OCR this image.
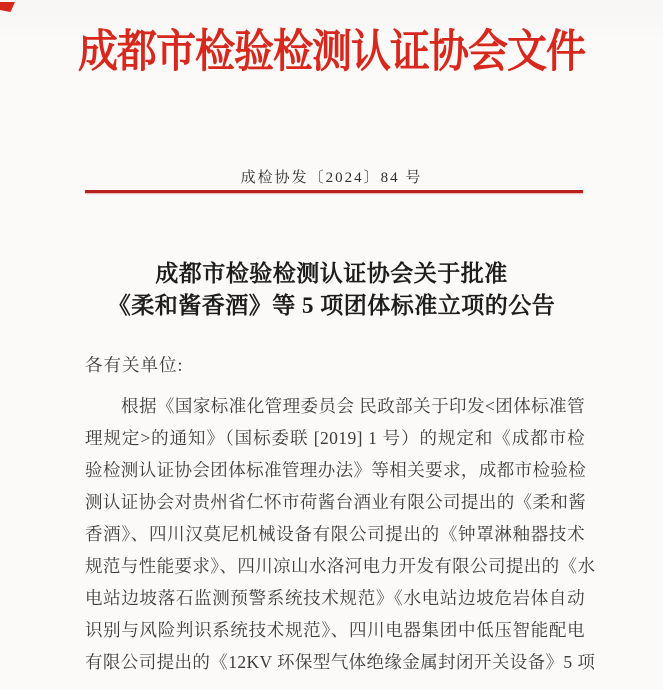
成都市检验检测认证协会文件
成检协发〔2024〕84 号
成都市检验检测认证协会关于批准
《柔和酱香酒》等 5 项团体标准立项的公告
各有关单位:
根据《国家标准化管理委员会 民政部关于印发<团体标准管
理规定>的通知》（国标委联 [2019] 1 号）的规定和《成都市检
验检测认证协会团体标准管理办法》等相关要求，成都市检验检
测认证协会对贵州省仁怀市荷酱台酒业有限公司提出的《柔和酱
香酒》、四川汉莫尼机械设备有限公司提出的《钟罩淋釉器技术
规范与性能要求》、四川凉山水洛河电力开发有限公司提出的《水
电站边坡落石监测预警系统技术规范》《水电站边坡危岩体自动
识别与风险判识系统技术规范》、四川电器集团中低压智能配电
有限公司提出的《12KV 环保型气体绝缘金属封闭开关设备》5 项
